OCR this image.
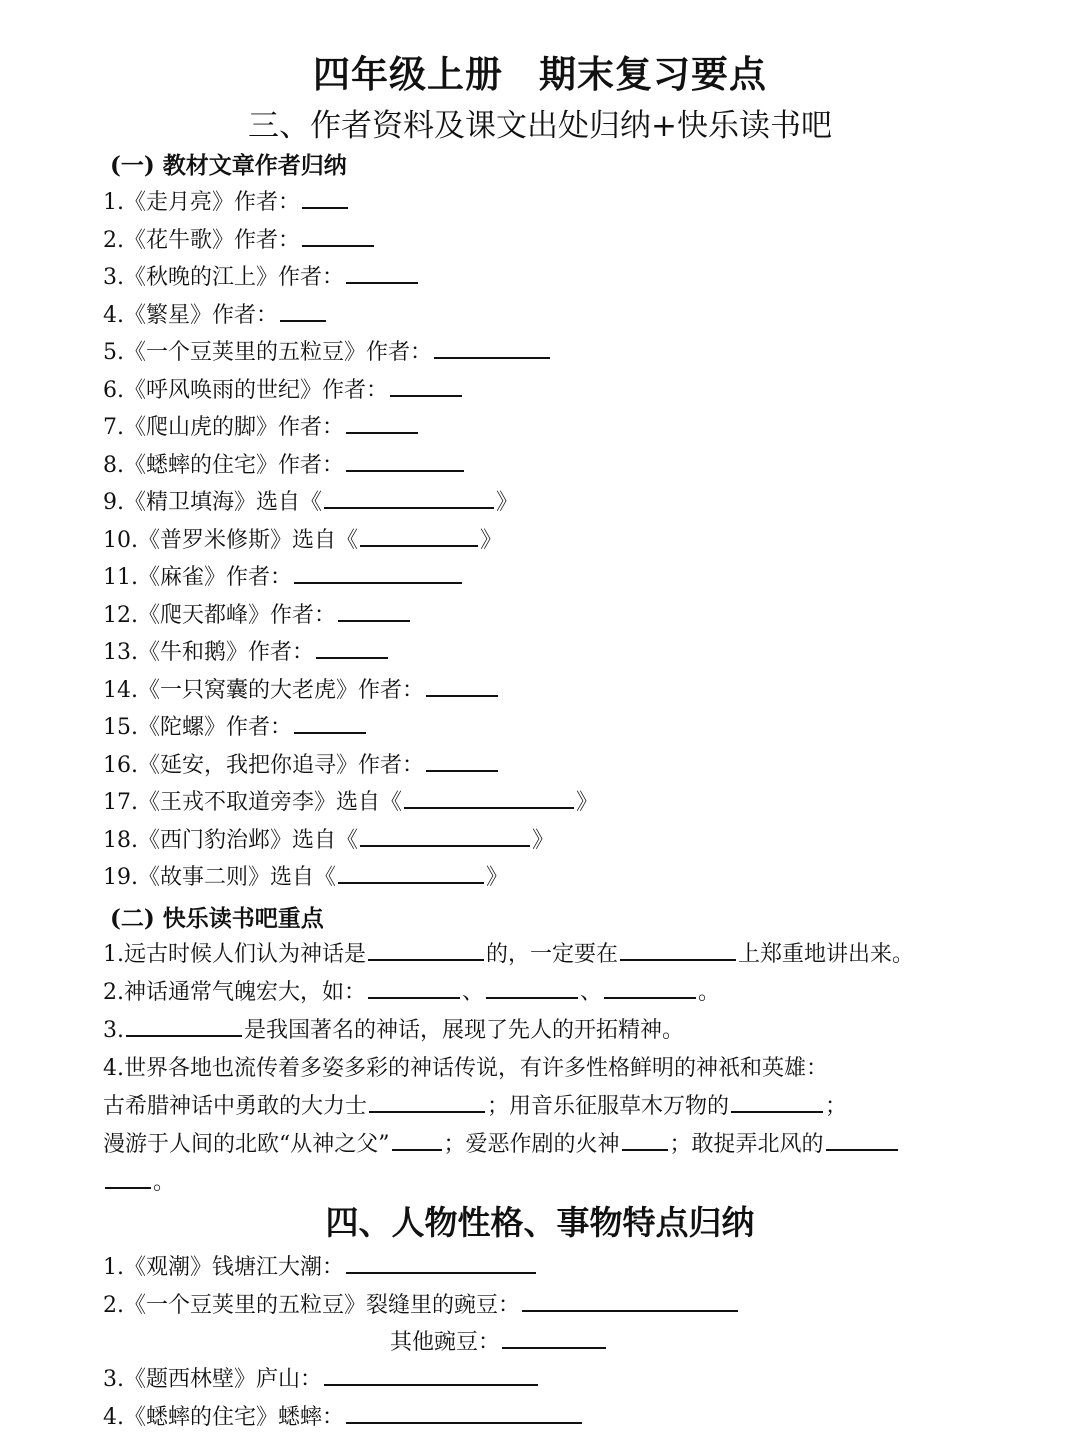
四年级上册 期末复习要点
三、作者资料及课文出处归纳+快乐读书吧
(一) 教材文章作者归纳
1.《走月亮》作者：
2.《花牛歌》作者：
3.《秋晚的江上》作者：
4.《繁星》作者：
5.《一个豆荚里的五粒豆》作者：
6.《呼风唤雨的世纪》作者：
7.《爬山虎的脚》作者：
8.《蟋蟀的住宅》作者：
9.《精卫填海》选自《	》
10.《普罗米修斯》选自《	》
11.《麻雀》作者：
12.《爬天都峰》作者：
13.《牛和鹅》作者：
14.《一只窝囊的大老虎》作者：
15.《陀螺》作者：
16.《延安，我把你追寻》作者：
17.《王戎不取道旁李》选自《	》
18.《西门豹治邺》选自《	》
19.《故事二则》选自《	》
(二) 快乐读书吧重点
1.远古时候人们认为神话是	的，一定要在	上郑重地讲出来。
2.神话通常气魄宏大，如：	、	、	。
3.	是我国著名的神话，展现了先人的开拓精神。
4.世界各地也流传着多姿多彩的神话传说，有许多性格鲜明的神祇和英雄：
古希腊神话中勇敢的大力士	；用音乐征服草木万物的	；
漫游于人间的北欧“从神之父” ；爱恶作剧的火神 ；敢捉弄北风的
。
四、人物性格、事物特点归纳
1.《观潮》钱塘江大潮：
2.《一个豆荚里的五粒豆》裂缝里的豌豆：
其他豌豆：
3.《题西林壁》庐山：
4.《蟋蟀的住宅》蟋蟀：
